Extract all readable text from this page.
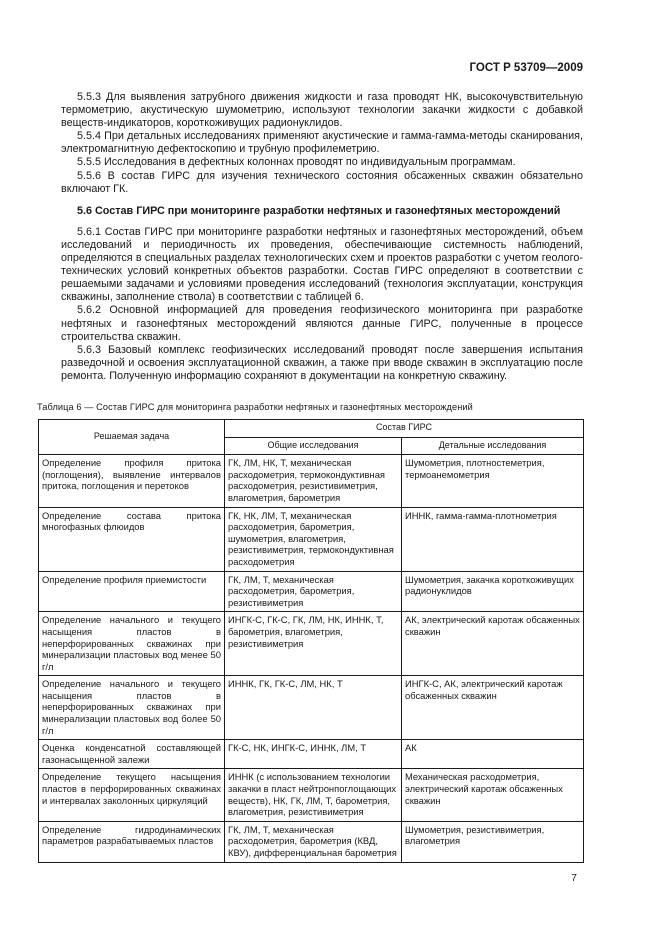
ГОСТ Р 53709—2009

5.5.3 Для выявления затрубного движения жидкости и газа проводят НК, высокочувствительную термометрию, акустическую шумометрию, используют технологии закачки жидкости с добавкой веществ-индикаторов, короткоживущих радионуклидов.

5.5.4 При детальных исследованиях применяют акустические и гамма-гамма-методы сканирования, электромагнитную дефектоскопию и трубную профилеметрию.

5.5.5 Исследования в дефектных колоннах проводят по индивидуальным программам.

5.5.6 В состав ГИРС для изучения технического состояния обсаженных скважин обязательно включают ГК.

5.6 Состав ГИРС при мониторинге разработки нефтяных и газонефтяных месторождений

5.6.1 Состав ГИРС при мониторинге разработки нефтяных и газонефтяных месторождений, объем исследований и периодичность их проведения, обеспечивающие системность наблюдений, определяются в специальных разделах технологических схем и проектов разработки с учетом геолого-технических условий конкретных объектов разработки. Состав ГИРС определяют в соответствии с решаемыми задачами и условиями проведения исследований (технология эксплуатации, конструкция скважины, заполнение ствола) в соответствии с таблицей 6.

5.6.2 Основной информацией для проведения геофизического мониторинга при разработке нефтяных и газонефтяных месторождений являются данные ГИРС, полученные в процессе строительства скважин.

5.6.3 Базовый комплекс геофизических исследований проводят после завершения испытания разведочной и освоения эксплуатационной скважин, а также при вводе скважин в эксплуатацию после ремонта. Полученную информацию сохраняют в документации на конкретную скважину.

Таблица 6 — Состав ГИРС для мониторинга разработки нефтяных и газонефтяных месторождений
Решаемая задача	Состав ГИРС	
	Общие исследования	Детальные исследования
Определение профиля притока (поглощения), выявление интервалов притока, поглощения и перетоков	ГК, ЛМ, НК, Т, механическая расходометрия, термокондуктивная расходометрия, резистивиметрия, влагометрия, барометрия	Шумометрия, плотностеметрия, термоанемометрия
Определение состава притока многофазных флюидов	ГК, НК, ЛМ, Т, механическая расходометрия, барометрия, шумометрия, влагометрия, резистивиметрия, термокондуктивная расходометрия	ИННК, гамма-гамма-плотнометрия
Определение профиля приемистости	ГК, ЛМ, Т, механическая расходометрия, барометрия, резистивиметрия	Шумометрия, закачка короткоживущих радионуклидов
Определение начального и текущего насыщения пластов в неперфорированных скважинах при минерализации пластовых вод менее 50 г/л	ИНГК-С, ГК-С, ГК, ЛМ, НК, ИННК, Т, барометрия, влагометрия, резистивиметрия	АК, электрический каротаж обсаженных скважин
Определение начального и текущего насыщения пластов в неперфорированных скважинах при минерализации пластовых вод более 50 г/л	ИННК, ГК, ГК-С, ЛМ, НК, Т	ИНГК-С, АК, электрический каротаж обсаженных скважин
Оценка конденсатной составляющей газонасыщенной залежи	ГК-С, НК, ИНГК-С, ИННК, ЛМ, Т	АК
Определение текущего насыщения пластов в перфорированных скважинах и интервалах заколонных циркуляций	ИННК (с использованием технологии закачки в пласт нейтронпоглощающих веществ), НК, ГК, ЛМ, Т, барометрия, влагометрия, резистивиметрия	Механическая расходометрия, электрический каротаж обсаженных скважин
Определение гидродинамических параметров разрабатываемых пластов	ГК, ЛМ, Т, механическая расходометрия, барометрия (КВД, КВУ), дифференциальная барометрия	Шумометрия, резистивиметрия, влагометрия
7
